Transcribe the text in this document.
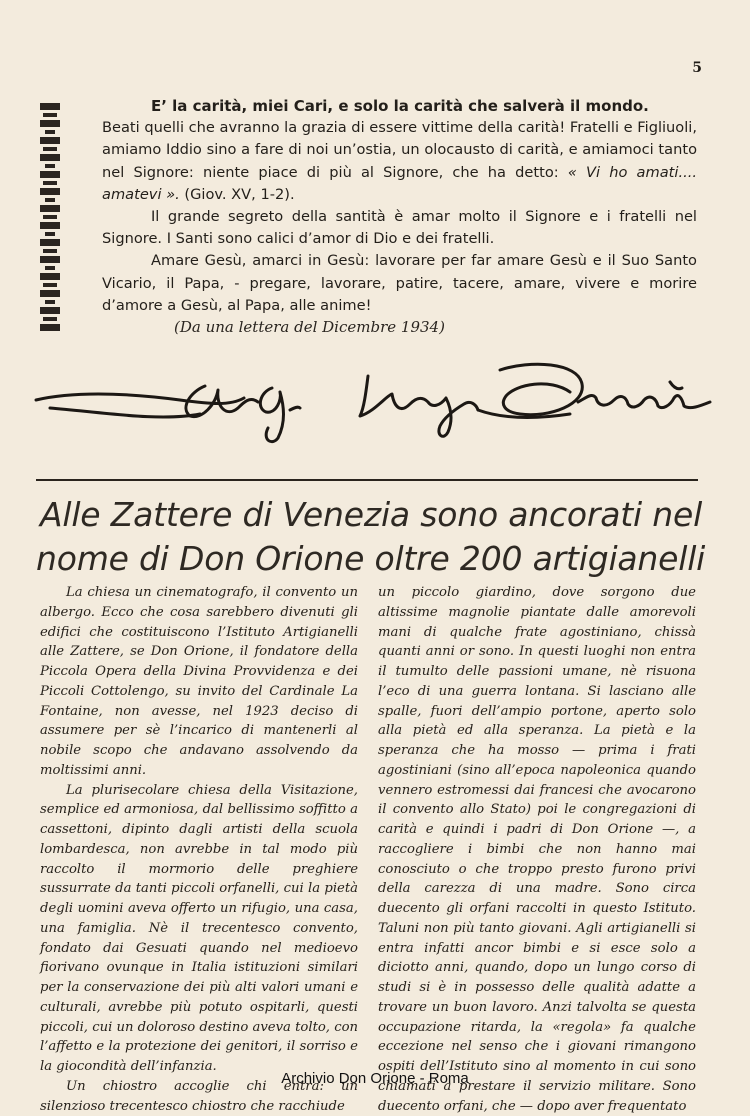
5

E’ la carità, miei Cari, e solo la carità che salverà il mondo.

Beati quelli che avranno la grazia di essere vittime della carità! Fratelli e Figliuoli, amiamo Iddio sino a fare di noi un’ostia, un olocausto di carità, e amiamoci tanto nel Signore: niente piace di più al Signore, che ha detto: « Vi ho amati.... amatevi ». (Giov. XV, 1-2).

Il grande segreto della santità è amar molto il Signore e i fratelli nel Signore. I Santi sono calici d’amor di Dio e dei fratelli.

Amare Gesù, amarci in Gesù: lavorare per far amare Gesù e il Suo Santo Vicario, il Papa, - pregare, lavorare, patire, tacere, amare, vivere e morire d’amore a Gesù, al Papa, alle anime!

(Da una lettera del Dicembre 1934)
Sac. G. Luigi Orione
Alle Zattere di Venezia sono ancorati nel
nome di Don Orione oltre 200 artigianelli

La chiesa un cinematografo, il convento un albergo. Ecco che cosa sarebbero divenuti gli edifici che costituiscono l’Istituto Artigianelli alle Zattere, se Don Orione, il fondatore della Piccola Opera della Divina Provvidenza e dei Piccoli Cottolengo, su invito del Cardinale La Fontaine, non avesse, nel 1923 deciso di assumere per sè l’incarico di mantenerli al nobile scopo che andavano assolvendo da moltissimi anni.

La plurisecolare chiesa della Visitazione, semplice ed armoniosa, dal bellissimo soffitto a cassettoni, dipinto dagli artisti della scuola lombardesca, non avrebbe in tal modo più raccolto il mormorio delle preghiere sussurrate da tanti piccoli orfanelli, cui la pietà degli uomini aveva offerto un rifugio, una casa, una famiglia. Nè il trecentesco convento, fondato dai Gesuati quando nel medioevo fiorivano ovunque in Italia istituzioni similari per la conservazione dei più alti valori umani e culturali, avrebbe più potuto ospitarli, questi piccoli, cui un doloroso destino aveva tolto, con l’affetto e la protezione dei genitori, il sorriso e la giocondità dell’infanzia.

Un chiostro accoglie chi entra: un silenzioso trecentesco chiostro che racchiude

un piccolo giardino, dove sorgono due altissime magnolie piantate dalle amorevoli mani di qualche frate agostiniano, chissà quanti anni or sono. In questi luoghi non entra il tumulto delle passioni umane, nè risuona l’eco di una guerra lontana. Si lasciano alle spalle, fuori dell’ampio portone, aperto solo alla pietà ed alla speranza. La pietà e la speranza che ha mosso — prima i frati agostiniani (sino all’epoca napoleonica quando vennero estromessi dai francesi che avocarono il convento allo Stato) poi le congregazioni di carità e quindi i padri di Don Orione —, a raccogliere i bimbi che non hanno mai conosciuto o che troppo presto furono privi della carezza di una madre. Sono circa duecento gli orfani raccolti in questo Istituto. Taluni non più tanto giovani. Agli artigianelli si entra infatti ancor bimbi e si esce solo a diciotto anni, quando, dopo un lungo corso di studi si è in possesso delle qualità adatte a trovare un buon lavoro. Anzi talvolta se questa occupazione ritarda, la «regola» fa qualche eccezione nel senso che i giovani rimangono ospiti dell’Istituto sino al momento in cui sono chiamati a prestare il servizio militare. Sono duecento orfani, che — dopo aver frequentato

Archivio Don Orione - Roma
